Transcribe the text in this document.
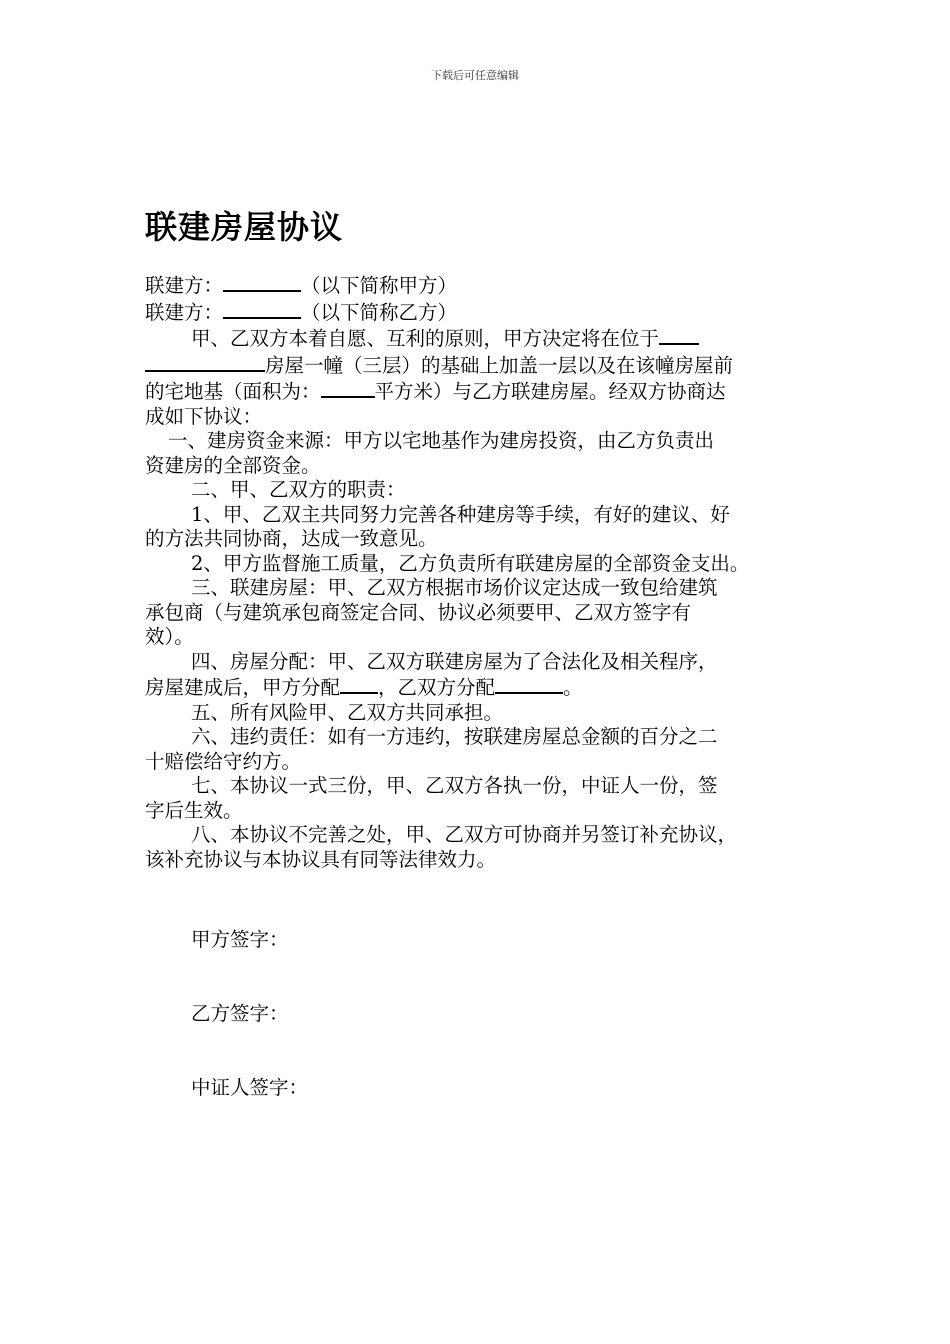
下载后可任意编辑
联建房屋协议
联建方：	（以下简称甲方）
联建方：	（以下简称乙方）
甲、乙双方本着自愿、互利的原则，甲方决定将在位于
房屋一幢（三层）的基础上加盖一层以及在该幢房屋前
的宅地基（面积为：	平方米）与乙方联建房屋。经双方协商达
成如下协议：
一、建房资金来源：甲方以宅地基作为建房投资，由乙方负责出
资建房的全部资金。
二、甲、乙双方的职责：
1、甲、乙双主共同努力完善各种建房等手续，有好的建议、好
的方法共同协商，达成一致意见。
2、甲方监督施工质量，乙方负责所有联建房屋的全部资金支出。
三、联建房屋：甲、乙双方根据市场价议定达成一致包给建筑
承包商（与建筑承包商签定合同、协议必须要甲、乙双方签字有
效）。
四、房屋分配：甲、乙双方联建房屋为了合法化及相关程序，
房屋建成后，甲方分配 ，乙双方分配	。
五、所有风险甲、乙双方共同承担。
六、违约责任：如有一方违约，按联建房屋总金额的百分之二
十赔偿给守约方。
七、本协议一式三份，甲、乙双方各执一份，中证人一份，签
字后生效。
八、本协议不完善之处，甲、乙双方可协商并另签订补充协议，
该补充协议与本协议具有同等法律效力。
甲方签字：
乙方签字：
中证人签字：
